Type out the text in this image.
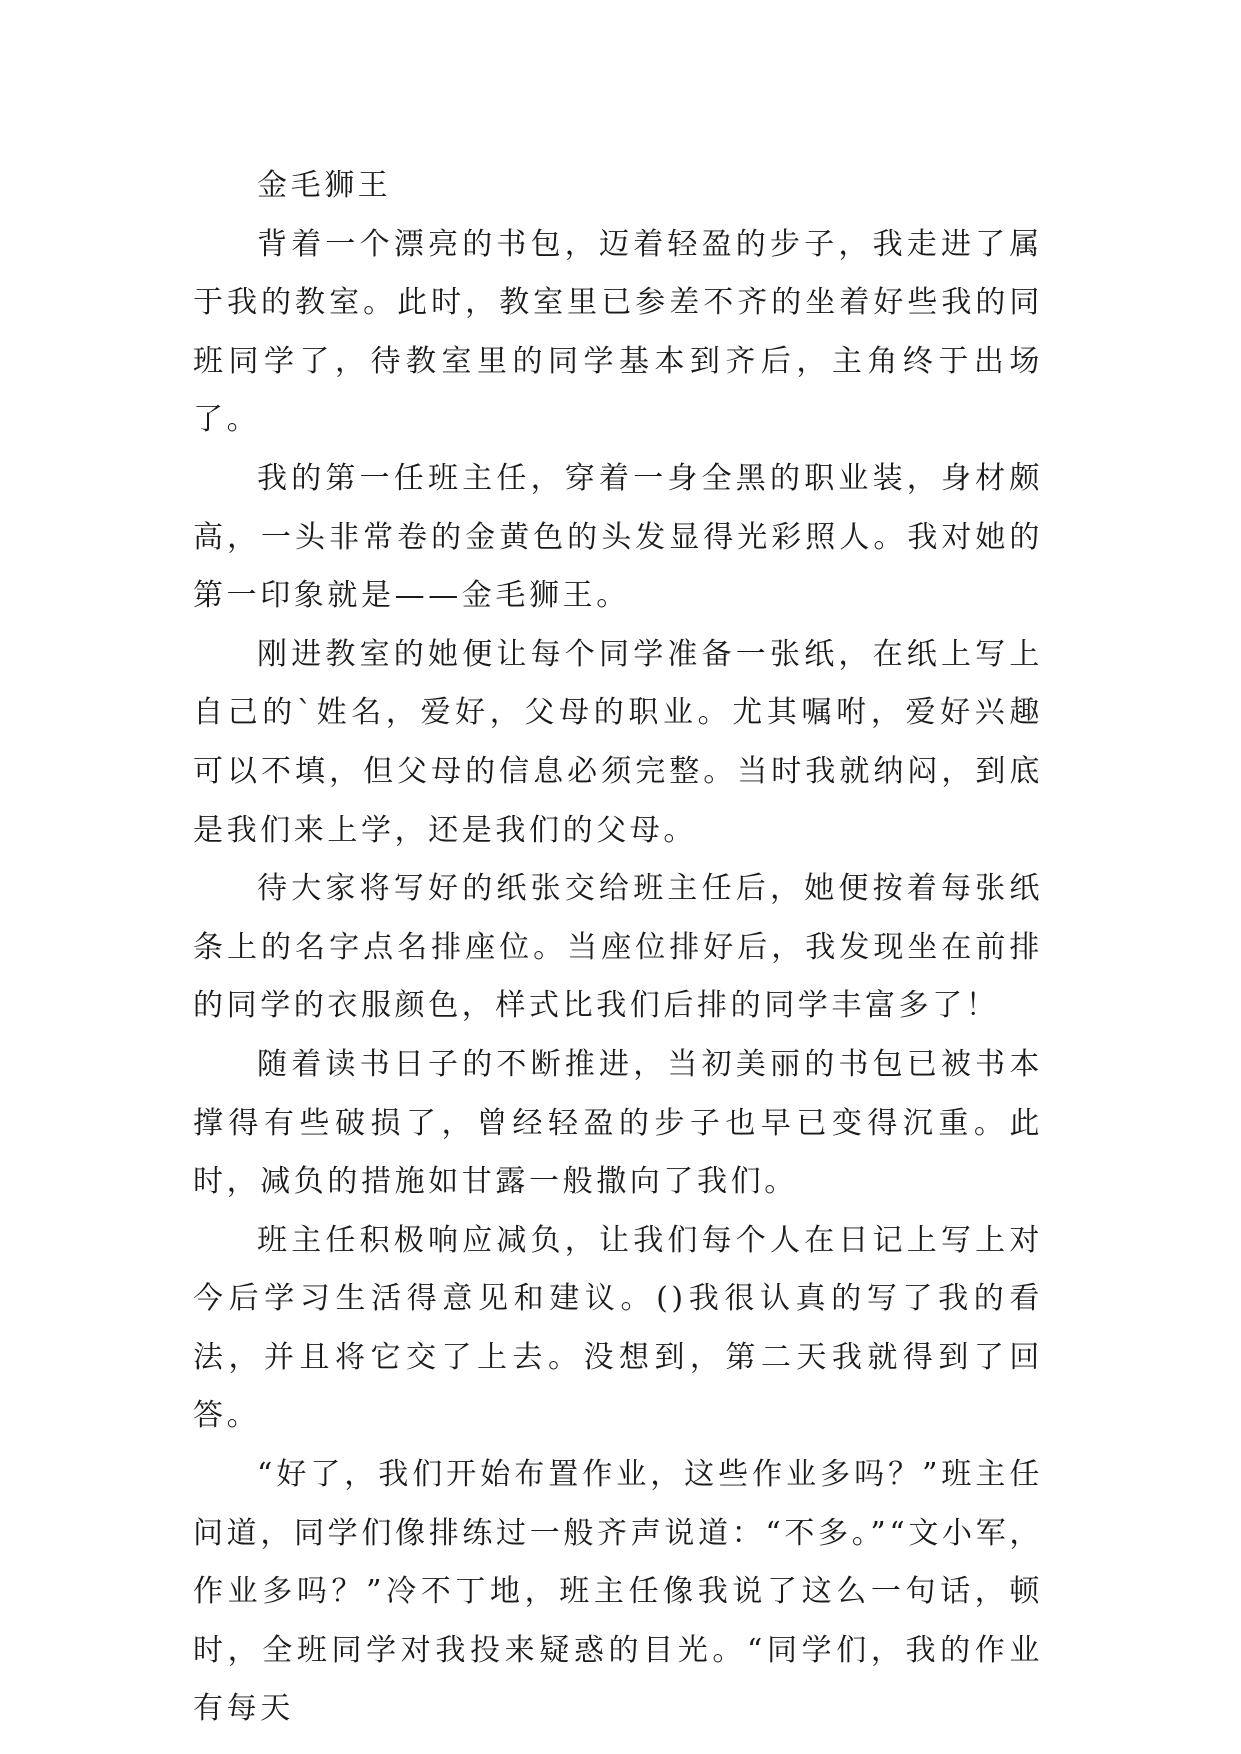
金毛狮王

背着一个漂亮的书包，迈着轻盈的步子，我走进了属于我的教室。此时，教室里已参差不齐的坐着好些我的同班同学了，待教室里的同学基本到齐后，主角终于出场了。

我的第一任班主任，穿着一身全黑的职业装，身材颇高，一头非常卷的金黄色的头发显得光彩照人。我对她的第一印象就是——金毛狮王。

刚进教室的她便让每个同学准备一张纸，在纸上写上自己的`姓名，爱好，父母的职业。尤其嘱咐，爱好兴趣可以不填，但父母的信息必须完整。当时我就纳闷，到底是我们来上学，还是我们的父母。

待大家将写好的纸张交给班主任后，她便按着每张纸条上的名字点名排座位。当座位排好后，我发现坐在前排的同学的衣服颜色，样式比我们后排的同学丰富多了！

随着读书日子的不断推进，当初美丽的书包已被书本撑得有些破损了，曾经轻盈的步子也早已变得沉重。此时，减负的措施如甘露一般撒向了我们。

班主任积极响应减负，让我们每个人在日记上写上对今后学习生活得意见和建议。()我很认真的写了我的看法，并且将它交了上去。没想到，第二天我就得到了回答。

“好了，我们开始布置作业，这些作业多吗？”班主任问道，同学们像排练过一般齐声说道：“不多。”“文小军，作业多吗？”冷不丁地，班主任像我说了这么一句话，顿时，全班同学对我投来疑惑的目光。“同学们，我的作业有每天
